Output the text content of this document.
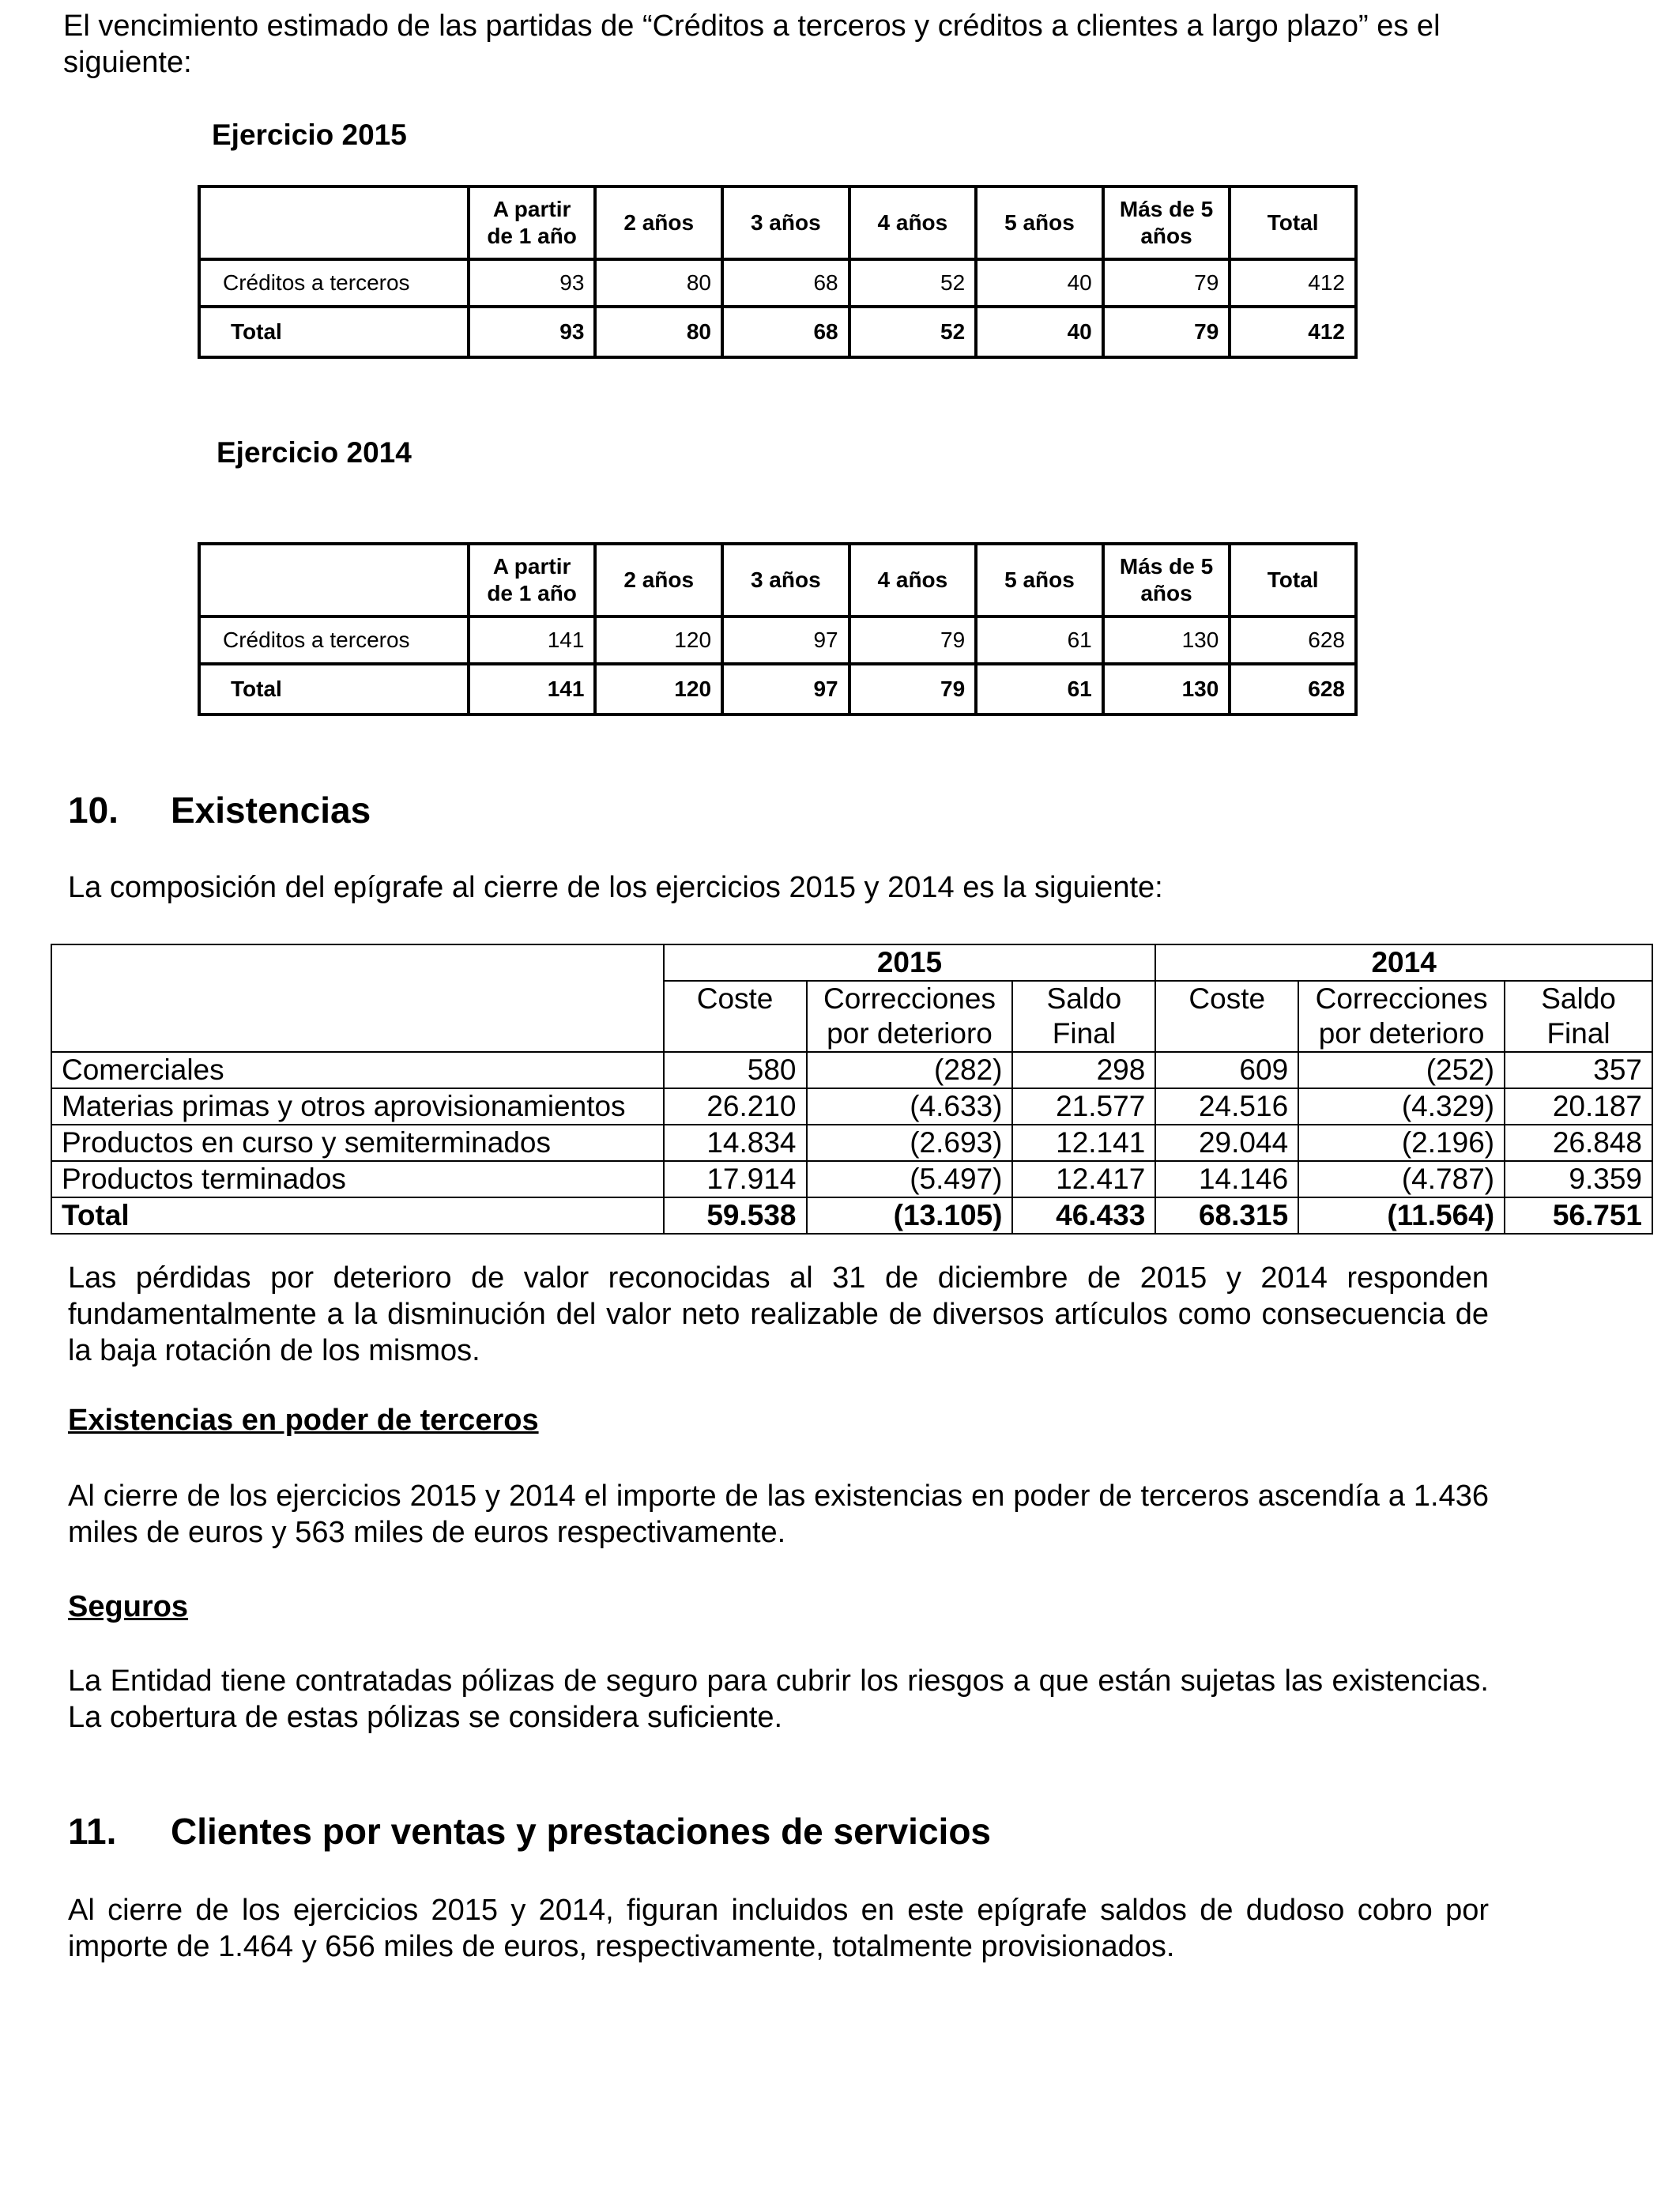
El vencimiento estimado de las partidas de “Créditos a terceros y créditos a clientes a largo plazo” es el siguiente:

Ejercicio 2015

	A partir de 1 año	2 años	3 años	4 años	5 años	Más de 5 años	Total
Créditos a terceros	93	80	68	52	40	79	412
Total	93	80	68	52	40	79	412

Ejercicio 2014

	A partir de 1 año	2 años	3 años	4 años	5 años	Más de 5 años	Total
Créditos a terceros	141	120	97	79	61	130	628
Total	141	120	97	79	61	130	628
10. Existencias

La composición del epígrafe al cierre de los ejercicios 2015 y 2014 es la siguiente:

	2015			2014		
	Coste	Correcciones por deterioro	Saldo Final	Coste	Correcciones por deterioro	Saldo Final
Comerciales	580	(282)	298	609	(252)	357
Materias primas y otros aprovisionamientos	26.210	(4.633)	21.577	24.516	(4.329)	20.187
Productos en curso y semiterminados	14.834	(2.693)	12.141	29.044	(2.196)	26.848
Productos terminados	17.914	(5.497)	12.417	14.146	(4.787)	9.359
Total	59.538	(13.105)	46.433	68.315	(11.564)	56.751

Las pérdidas por deterioro de valor reconocidas al 31 de diciembre de 2015 y 2014 responden fundamentalmente a la disminución del valor neto realizable de diversos artículos como consecuencia de la baja rotación de los mismos.

Existencias en poder de terceros

Al cierre de los ejercicios 2015 y 2014 el importe de las existencias en poder de terceros ascendía a 1.436 miles de euros y 563 miles de euros respectivamente.

Seguros

La Entidad tiene contratadas pólizas de seguro para cubrir los riesgos a que están sujetas las existencias. La cobertura de estas pólizas se considera suficiente.

11. Clientes por ventas y prestaciones de servicios

Al cierre de los ejercicios 2015 y 2014, figuran incluidos en este epígrafe saldos de dudoso cobro por importe de 1.464 y 656 miles de euros, respectivamente, totalmente provisionados.
